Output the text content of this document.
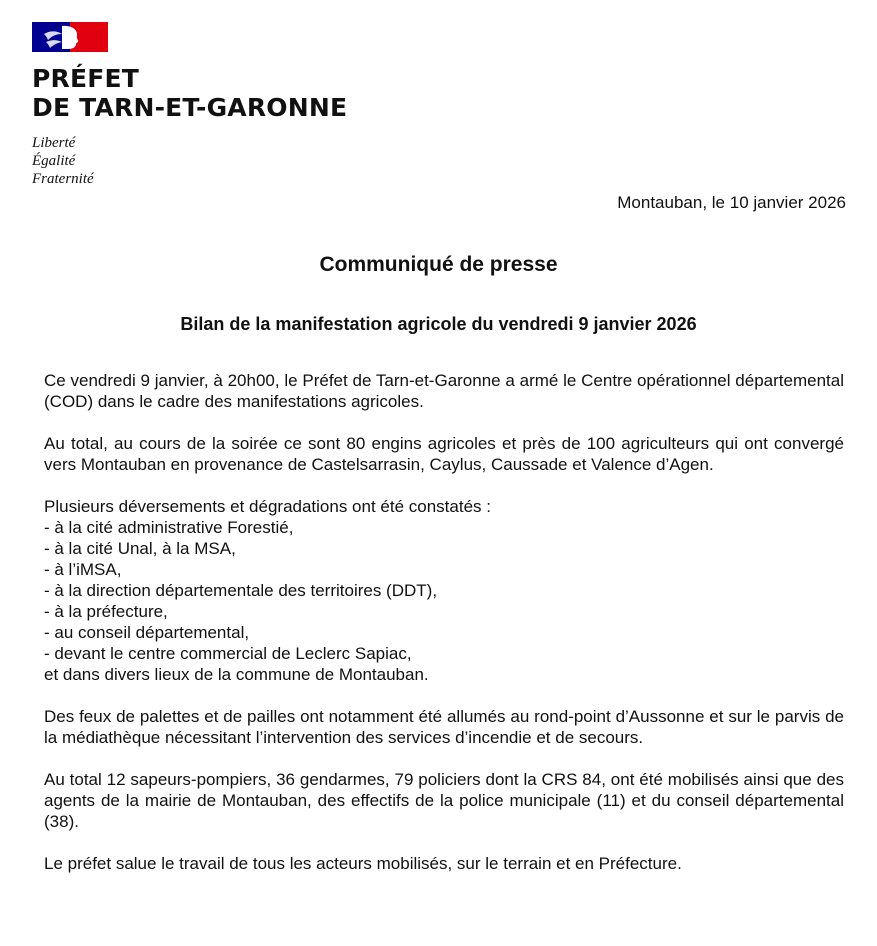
PRÉFET
DE TARN-ET-GARONNE
Liberté
Égalité
Fraternité
Montauban, le 10 janvier 2026
Communiqué de presse
Bilan de la manifestation agricole du vendredi 9 janvier 2026

Ce vendredi 9 janvier, à 20h00, le Préfet de Tarn-et-Garonne a armé le Centre opérationnel départemental (COD) dans le cadre des manifestations agricoles.

Au total, au cours de la soirée ce sont 80 engins agricoles et près de 100 agriculteurs qui ont convergé vers Montauban en provenance de Castelsarrasin, Caylus, Caussade et Valence d’Agen.

Plusieurs déversements et dégradations ont été constatés :

- à la cité administrative Forestié,
- à la cité Unal, à la MSA,
- à l’iMSA,
- à la direction départementale des territoires (DDT),
- à la préfecture,
- au conseil départemental,
- devant le centre commercial de Leclerc Sapiac,

et dans divers lieux de la commune de Montauban.

Des feux de palettes et de pailles ont notamment été allumés au rond-point d’Aussonne et sur le parvis de la médiathèque nécessitant l’intervention des services d’incendie et de secours.

Au total 12 sapeurs-pompiers, 36 gendarmes, 79 policiers dont la CRS 84, ont été mobilisés ainsi que des agents de la mairie de Montauban, des effectifs de la police municipale (11) et du conseil départemental (38).

Le préfet salue le travail de tous les acteurs mobilisés, sur le terrain et en Préfecture.
